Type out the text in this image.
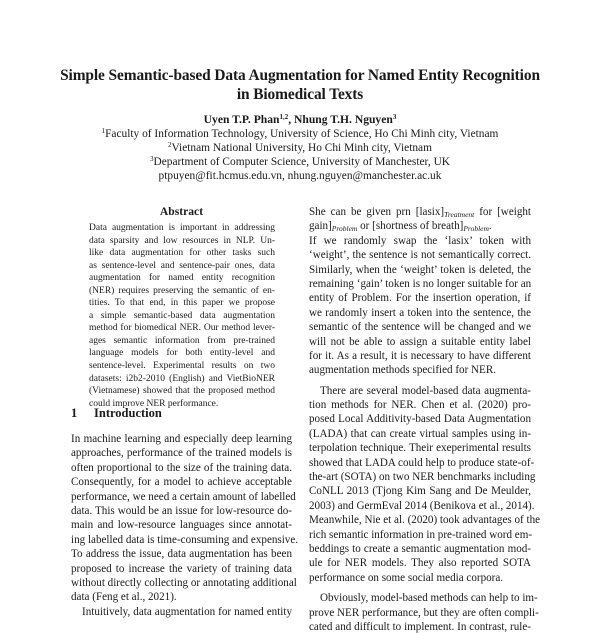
Simple Semantic-based Data Augmentation for Named Entity Recognition
in Biomedical Texts
Uyen T.P. Phan$^{1,2}$, Nhung T.H. Nguyen$^3$
$^1$Faculty of Information Technology, University of Science, Ho Chi Minh city, Vietnam
$^2$Vietnam National University, Ho Chi Minh city, Vietnam
$^3$Department of Computer Science, University of Manchester, UK
ptpuyen@fit.hcmus.edu.vn, nhung.nguyen@manchester.ac.uk
Abstract
Data augmentation is important in addressing
data sparsity and low resources in NLP. Un-
like data augmentation for other tasks such
as sentence-level and sentence-pair ones, data
augmentation for named entity recognition
(NER) requires preserving the semantic of en-
tities. To that end, in this paper we propose
a simple semantic-based data augmentation
method for biomedical NER. Our method lever-
ages semantic information from pre-trained
language models for both entity-level and
sentence-level. Experimental results on two
datasets: i2b2-2010 (English) and VietBioNER
(Vietnamese) showed that the proposed method
could improve NER performance.
1 Introduction
In machine learning and especially deep learning
approaches, performance of the trained models is
often proportional to the size of the training data.
Consequently, for a model to achieve acceptable
performance, we need a certain amount of labelled
data. This would be an issue for low-resource do-
main and low-resource languages since annotat-
ing labelled data is time-consuming and expensive.
To address the issue, data augmentation has been
proposed to increase the variety of training data
without directly collecting or annotating additional
data (Feng et al., 2021).
Intuitively, data augmentation for named entity
She can be given prn $[lasix]_{Treatment}$ for [weight
$gain]_{Problem}$ or [shortness of $breath]_{Problem}$.
If we randomly swap the ‘lasix’ token with
‘weight’, the sentence is not semantically correct.
Similarly, when the ‘weight’ token is deleted, the
remaining ‘gain’ token is no longer suitable for an
entity of Problem. For the insertion operation, if
we randomly insert a token into the sentence, the
semantic of the sentence will be changed and we
will not be able to assign a suitable entity label
for it. As a result, it is necessary to have different
augmentation methods specified for NER.
There are several model-based data augmenta-
tion methods for NER. Chen et al. (2020) pro-
posed Local Additivity-based Data Augmentation
(LADA) that can create virtual samples using in-
terpolation technique. Their exeperimental results
showed that LADA could help to produce state-of-
the-art (SOTA) on two NER benchmarks including
CoNLL 2013 (Tjong Kim Sang and De Meulder,
2003) and GermEval 2014 (Benikova et al., 2014).
Meanwhile, Nie et al. (2020) took advantages of the
rich semantic information in pre-trained word em-
beddings to create a semantic augmentation mod-
ule for NER models. They also reported SOTA
performance on some social media corpora.
Obviously, model-based methods can help to im-
prove NER performance, but they are often compli-
cated and difficult to implement. In contrast, rule-
